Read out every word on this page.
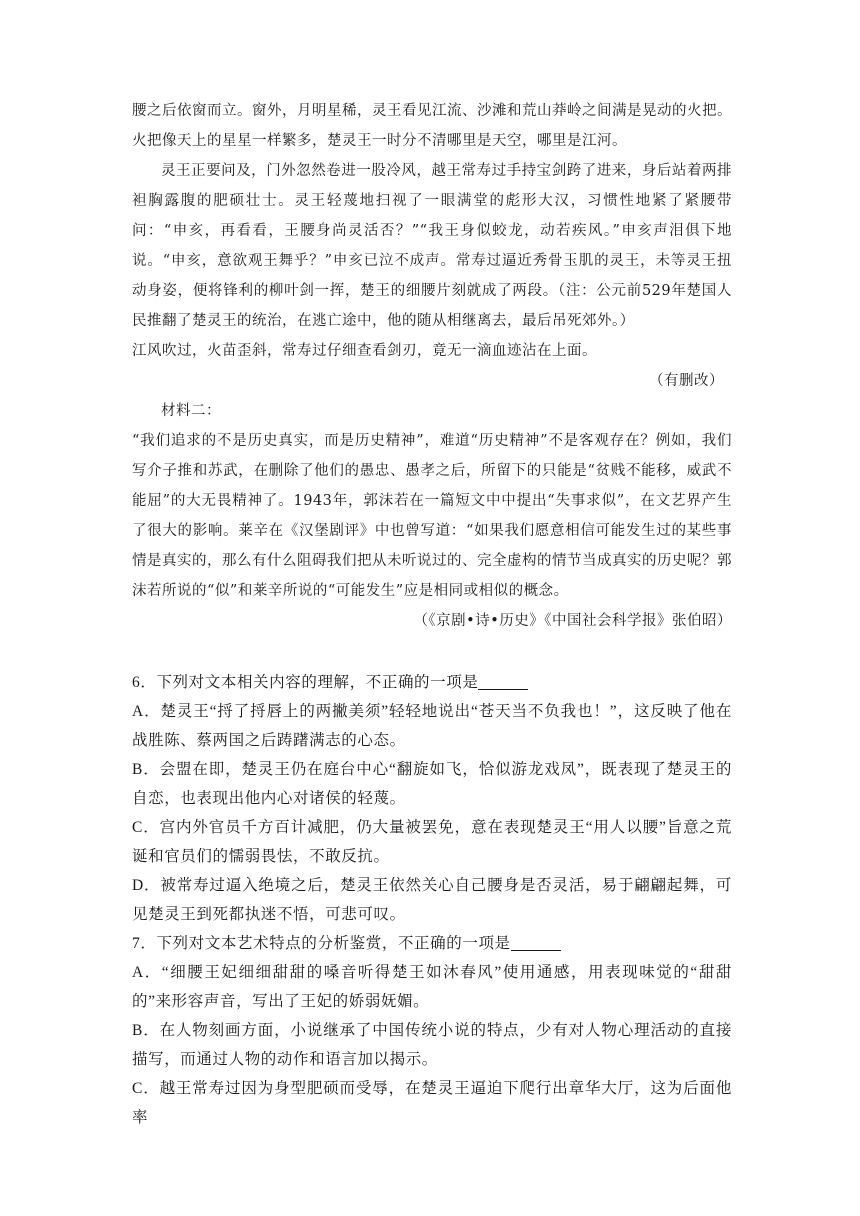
腰之后依窗而立。窗外，月明星稀，灵王看见江流、沙滩和荒山莽岭之间满是晃动的火把。火把像天上的星星一样繁多，楚灵王一时分不清哪里是天空，哪里是江河。

灵王正要问及，门外忽然卷进一股冷风，越王常寿过手持宝剑跨了进来，身后站着两排袒胸露腹的肥硕壮士。灵王轻蔑地扫视了一眼满堂的彪形大汉，习惯性地紧了紧腰带问：“申亥，再看看，王腰身尚灵活否？”“我王身似蛟龙，动若疾风。”申亥声泪俱下地说。“申亥，意欲观王舞乎？”申亥已泣不成声。常寿过逼近秀骨玉肌的灵王，未等灵王扭动身姿，便将锋利的柳叶剑一挥，楚王的细腰片刻就成了两段。（注：公元前529年楚国人民推翻了楚灵王的统治，在逃亡途中，他的随从相继离去，最后吊死郊外。）

江风吹过，火苗歪斜，常寿过仔细查看剑刃，竟无一滴血迹沾在上面。

（有删改）

材料二：

“我们追求的不是历史真实，而是历史精神”，难道“历史精神”不是客观存在？例如，我们写介子推和苏武，在删除了他们的愚忠、愚孝之后，所留下的只能是“贫贱不能移，威武不能屈”的大无畏精神了。1943年，郭沫若在一篇短文中中提出“失事求似”，在文艺界产生了很大的影响。莱辛在《汉堡剧评》中也曾写道：“如果我们愿意相信可能发生过的某些事情是真实的，那么有什么阻碍我们把从未听说过的、完全虚构的情节当成真实的历史呢？郭沫若所说的“似”和莱辛所说的“可能发生”应是相同或相似的概念。

（《京剧•诗•历史》《中国社会科学报》张伯昭）

6．下列对文本相关内容的理解，不正确的一项是

A．楚灵王“捋了捋唇上的两撇美须”轻轻地说出“苍天当不负我也！”，这反映了他在战胜陈、蔡两国之后踌躇满志的心态。

B．会盟在即，楚灵王仍在庭台中心“翻旋如飞，恰似游龙戏凤”，既表现了楚灵王的自恋，也表现出他内心对诸侯的轻蔑。

C．宫内外官员千方百计减肥，仍大量被罢免，意在表现楚灵王“用人以腰”旨意之荒诞和官员们的懦弱畏怯，不敢反抗。

D．被常寿过逼入绝境之后，楚灵王依然关心自己腰身是否灵活，易于翩翩起舞，可见楚灵王到死都执迷不悟，可悲可叹。

7．下列对文本艺术特点的分析鉴赏，不正确的一项是

A．“细腰王妃细细甜甜的嗓音听得楚王如沐春风”使用通感，用表现味觉的“甜甜的”来形容声音，写出了王妃的娇弱妩媚。

B．在人物刻画方面，小说继承了中国传统小说的特点，少有对人物心理活动的直接描写，而通过人物的动作和语言加以揭示。

C．越王常寿过因为身型肥硕而受辱，在楚灵王逼迫下爬行出章华大厅，这为后面他率
